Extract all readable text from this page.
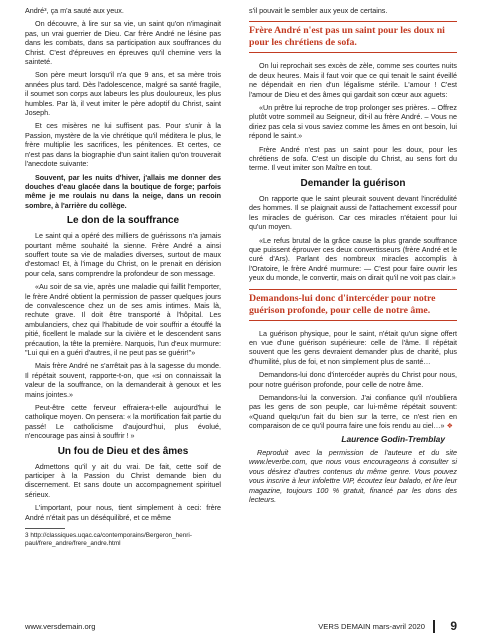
André³, ça m'a sauté aux yeux.

On découvre, à lire sur sa vie, un saint qu'on n'imaginait pas, un vrai guerrier de Dieu. Car frère André ne lésine pas dans les combats, dans sa participation aux souffrances du Christ. C'est d'épreuves en épreuves qu'il chemine vers la sainteté.

Son père meurt lorsqu'il n'a que 9 ans, et sa mère trois années plus tard. Dès l'adolescence, malgré sa santé fragile, il soumet son corps aux labeurs les plus douloureux, les plus humbles. Par là, il veut imiter le père adoptif du Christ, saint Joseph.

Et ces misères ne lui suffisent pas. Pour s'unir à la Passion, mystère de la vie chrétique qu'il méditera le plus, le frère multiplie les sacrifices, les pénitences. Et certes, ce n'est pas dans la biographie d'un saint italien qu'on trouverait l'anecdote suivante:

Souvent, par les nuits d'hiver, j'allais me donner des douches d'eau glacée dans la boutique de forge; parfois même je me roulais nu dans la neige, dans un recoin sombre, à l'arrière du collège.

Le don de la souffrance

Le saint qui a opéré des milliers de guérissons n'a jamais pourtant même souhaité la sienne. Frère André a ainsi souffert toute sa vie de maladies diverses, surtout de maux d'estomac! Et, à l'image du Christ, on le prenait en dérision pour cela, sans comprendre la profondeur de son message.

«Au soir de sa vie, après une maladie qui faillit l'emporter, le frère André obtient la permission de passer quelques jours de convalescence chez un de ses amis intimes. Mais là, rechute grave. Il doit être transporté à l'hôpital. Les ambulanciers, chez qui l'habitude de voir souffrir a étouffé la pitié, ficellent le malade sur la civière et le descendent sans précaution, la tête la première. Narquois, l'un d'eux murmure: "Lui qui en a guéri d'autres, il ne peut pas se guérir!"»

Mais frère André ne s'arrêtait pas à la sagesse du monde. Il répétait souvent, rapporte-t-on, que «si on connaissait la valeur de la souffrance, on la demanderait à genoux et les mains jointes.»

Peut-être cette ferveur effraiera-t-elle aujourd'hui le catholique moyen. On pensera: « la mortification fait partie du passé! Le catholicisme d'aujourd'hui, plus évolué, n'encourage pas ainsi à souffrir ! »

Un fou de Dieu et des âmes

Admettons qu'il y ait du vrai. De fait, cette soif de participer à la Passion du Christ demande bien du discernement. Et sans doute un accompagnement spirituel sérieux.

L'important, pour nous, tient simplement à ceci: frère André n'était pas un déséquilibré, et ce même

3 http://classiques.uqac.ca/contemporains/Bergeron_henri-paul/frere_andre/frere_andre.html

s'il pouvait le sembler aux yeux de certains.

Frère André n'est pas un saint pour les doux ni pour les chrétiens de sofa.

On lui reprochait ses excès de zèle, comme ses courtes nuits de deux heures. Mais il faut voir que ce qui tenait le saint éveillé ne dépendait en rien d'un légalisme stérile. L'amour ! C'est l'amour de Dieu et des âmes qui gardait son cœur aux aguets:

«Un prêtre lui reproche de trop prolonger ses prières. – Offrez plutôt votre sommeil au Seigneur, dit-il au frère André. – Vous ne diriez pas cela si vous saviez comme les âmes en ont besoin, lui répond le saint.»

Frère André n'est pas un saint pour les doux, pour les chrétiens de sofa. C'est un disciple du Christ, au sens fort du terme. Il veut imiter son Maître en tout.

Demander la guérison

On rapporte que le saint pleurait souvent devant l'incrédulité des hommes. Il se plaignait aussi de l'attachement excessif pour les miracles de guérison. Car ces miracles n'étaient pour lui qu'un moyen.

«Le refus brutal de la grâce cause la plus grande souffrance que puissent éprouver ces deux convertisseurs (frère André et le curé d'Ars). Parlant des nombreux miracles accomplis à l'Oratoire, le frère André murmure: — C'est pour faire ouvrir les yeux du monde, le convertir, mais on dirait qu'il ne voit pas clair.»

Demandons-lui donc d'intercéder pour notre guérison profonde, pour celle de notre âme.

La guérison physique, pour le saint, n'était qu'un signe offert en vue d'une guérison supérieure: celle de l'âme. Il répétait souvent que les gens devraient demander plus de charité, plus d'humilité, plus de foi, et non simplement plus de santé…

Demandons-lui donc d'intercéder auprès du Christ pour nous, pour notre guérison profonde, pour celle de notre âme.

Demandons-lui la conversion. J'ai confiance qu'il n'oubliera pas les gens de son peuple, car lui-même répétait souvent: «Quand quelqu'un fait du bien sur la terre, ce n'est rien en comparaison de ce qu'il pourra faire une fois rendu au ciel…» ❖

Laurence Godin-Tremblay

Reproduit avec la permission de l'auteure et du site www.leverbe.com, que nous vous encourageons à consulter si vous désirez d'autres contenus du même genre. Vous pouvez vous inscrire à leur infolettre VIP, écoutez leur balado, et lire leur magazine, toujours 100 % gratuit, financé par les dons des lecteurs.

www.versdemain.org	VERS DEMAIN mars-avril 2020 9
